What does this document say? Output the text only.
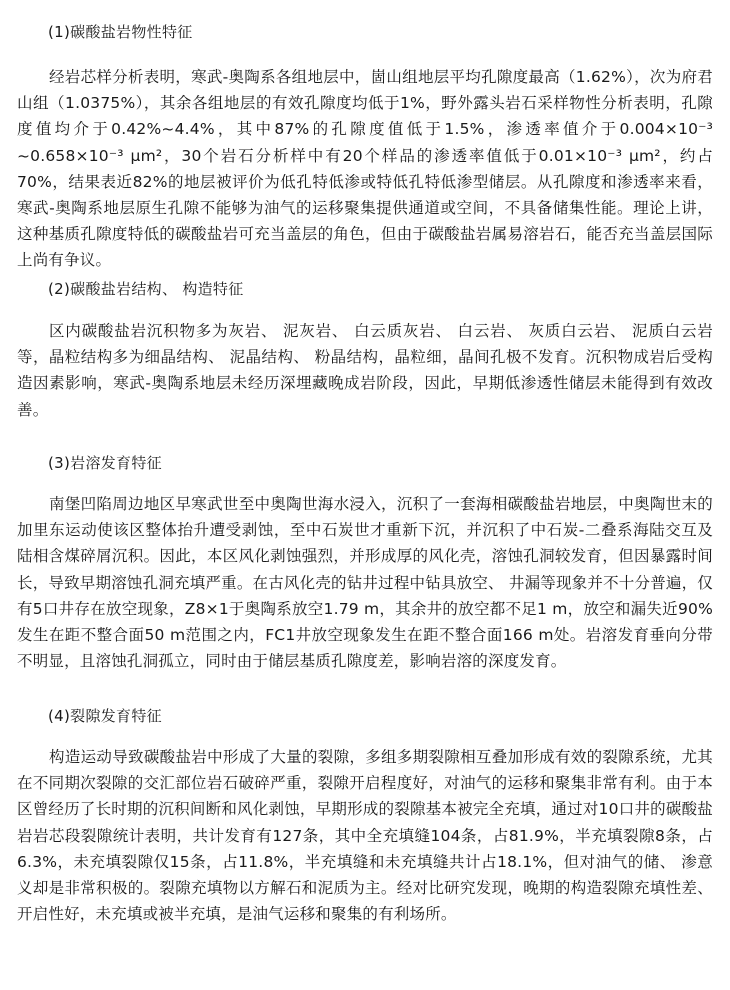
(1)碳酸盐岩物性特征

经岩芯样分析表明，寒武-奥陶系各组地层中，崮山组地层平均孔隙度最高（1.62%），次为府君山组（1.0375%），其余各组地层的有效孔隙度均低于1%，野外露头岩石采样物性分析表明，孔隙度值均介于0.42%~4.4%，其中87%的孔隙度值低于1.5%，渗透率值介于0.004×10⁻³ ~0.658×10⁻³ μm²，30个岩石分析样中有20个样品的渗透率值低于0.01×10⁻³ μm²，约占70%，结果表近82%的地层被评价为低孔特低渗或特低孔特低渗型储层。从孔隙度和渗透率来看，寒武-奥陶系地层原生孔隙不能够为油气的运移聚集提供通道或空间，不具备储集性能。理论上讲，这种基质孔隙度特低的碳酸盐岩可充当盖层的角色，但由于碳酸盐岩属易溶岩石，能否充当盖层国际上尚有争议。

(2)碳酸盐岩结构、 构造特征

区内碳酸盐岩沉积物多为灰岩、 泥灰岩、 白云质灰岩、 白云岩、 灰质白云岩、 泥质白云岩等，晶粒结构多为细晶结构、 泥晶结构、 粉晶结构，晶粒细，晶间孔极不发育。沉积物成岩后受构造因素影响，寒武-奥陶系地层未经历深埋藏晚成岩阶段，因此，早期低渗透性储层未能得到有效改善。

(3)岩溶发育特征

南堡凹陷周边地区早寒武世至中奥陶世海水浸入，沉积了一套海相碳酸盐岩地层，中奥陶世末的加里东运动使该区整体抬升遭受剥蚀，至中石炭世才重新下沉，并沉积了中石炭-二叠系海陆交互及陆相含煤碎屑沉积。因此，本区风化剥蚀强烈，并形成厚的风化壳，溶蚀孔洞较发育，但因暴露时间长，导致早期溶蚀孔洞充填严重。在古风化壳的钻井过程中钻具放空、 井漏等现象并不十分普遍，仅有5口井存在放空现象，Z8×1于奥陶系放空1.79 m，其余井的放空都不足1 m，放空和漏失近90%发生在距不整合面50 m范围之内，FC1井放空现象发生在距不整合面166 m处。岩溶发育垂向分带不明显，且溶蚀孔洞孤立，同时由于储层基质孔隙度差，影响岩溶的深度发育。

(4)裂隙发育特征

构造运动导致碳酸盐岩中形成了大量的裂隙，多组多期裂隙相互叠加形成有效的裂隙系统，尤其在不同期次裂隙的交汇部位岩石破碎严重，裂隙开启程度好，对油气的运移和聚集非常有利。由于本区曾经历了长时期的沉积间断和风化剥蚀，早期形成的裂隙基本被完全充填，通过对10口井的碳酸盐岩岩芯段裂隙统计表明，共计发育有127条，其中全充填缝104条，占81.9%，半充填裂隙8条，占6.3%，未充填裂隙仅15条，占11.8%，半充填缝和未充填缝共计占18.1%，但对油气的储、 渗意义却是非常积极的。裂隙充填物以方解石和泥质为主。经对比研究发现，晚期的构造裂隙充填性差、开启性好，未充填或被半充填，是油气运移和聚集的有利场所。
